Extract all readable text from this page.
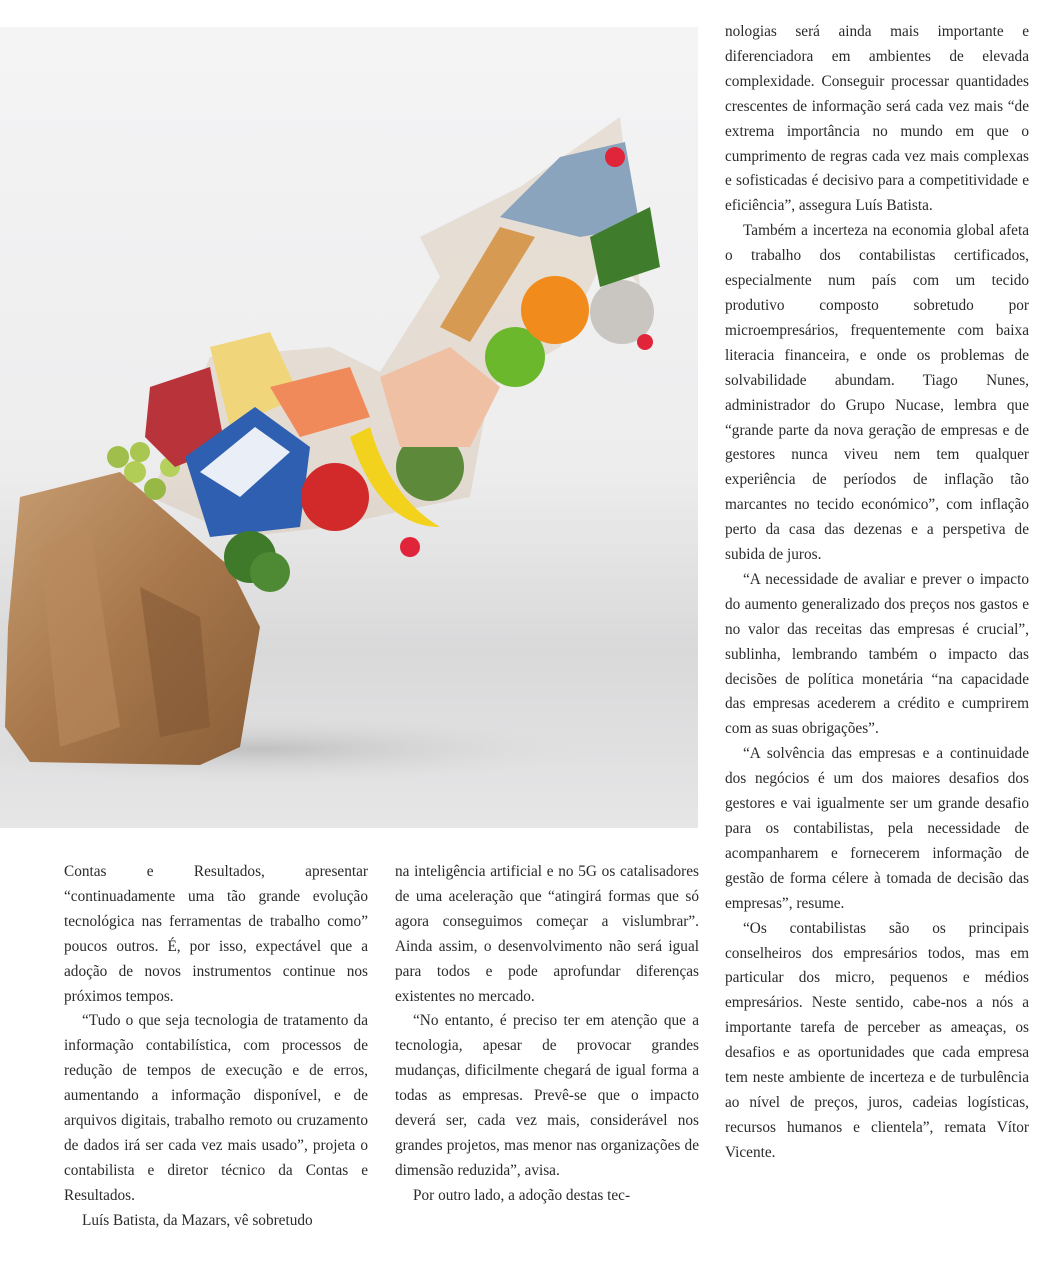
Contas e Resultados, apresentar “continuadamente uma tão grande evolução tecnológica nas ferramentas de trabalho como” poucos outros. É, por isso, expectável que a adoção de novos instrumentos continue nos próximos tempos.

“Tudo o que seja tecnologia de tratamento da informação contabilística, com processos de redução de tempos de execução e de erros, aumentando a informação disponível, e de arquivos digitais, trabalho remoto ou cruzamento de dados irá ser cada vez mais usado”, projeta o contabilista e diretor técnico da Contas e Resultados.

Luís Batista, da Mazars, vê sobretudo

na inteligência artificial e no 5G os catalisadores de uma aceleração que “atingirá formas que só agora conseguimos começar a vislumbrar”. Ainda assim, o desenvolvimento não será igual para todos e pode aprofundar diferenças existentes no mercado.

“No entanto, é preciso ter em atenção que a tecnologia, apesar de provocar grandes mudanças, dificilmente chegará de igual forma a todas as empresas. Prevê-se que o impacto deverá ser, cada vez mais, considerável nos grandes projetos, mas menor nas organizações de dimensão reduzida”, avisa.

Por outro lado, a adoção destas tec-

nologias será ainda mais importante e diferenciadora em ambientes de elevada complexidade. Conseguir processar quantidades crescentes de informação será cada vez mais “de extrema importância no mundo em que o cumprimento de regras cada vez mais complexas e sofisticadas é decisivo para a competitividade e eficiência”, assegura Luís Batista.

Também a incerteza na economia global afeta o trabalho dos contabilistas certificados, especialmente num país com um tecido produtivo composto sobretudo por microempresários, frequentemente com baixa literacia financeira, e onde os problemas de solvabilidade abundam. Tiago Nunes, administrador do Grupo Nucase, lembra que “grande parte da nova geração de empresas e de gestores nunca viveu nem tem qualquer experiência de períodos de inflação tão marcantes no tecido económico”, com inflação perto da casa das dezenas e a perspetiva de subida de juros.

“A necessidade de avaliar e prever o impacto do aumento generalizado dos preços nos gastos e no valor das receitas das empresas é crucial”, sublinha, lembrando também o impacto das decisões de política monetária “na capacidade das empresas acederem a crédito e cumprirem com as suas obrigações”.

“A solvência das empresas e a continuidade dos negócios é um dos maiores desafios dos gestores e vai igualmente ser um grande desafio para os contabilistas, pela necessidade de acompanharem e fornecerem informação de gestão de forma célere à tomada de decisão das empresas”, resume.

“Os contabilistas são os principais conselheiros dos empresários todos, mas em particular dos micro, pequenos e médios empresários. Neste sentido, cabe-nos a nós a importante tarefa de perceber as ameaças, os desafios e as oportunidades que cada empresa tem neste ambiente de incerteza e de turbulência ao nível de preços, juros, cadeias logísticas, recursos humanos e clientela”, remata Vítor Vicente.
